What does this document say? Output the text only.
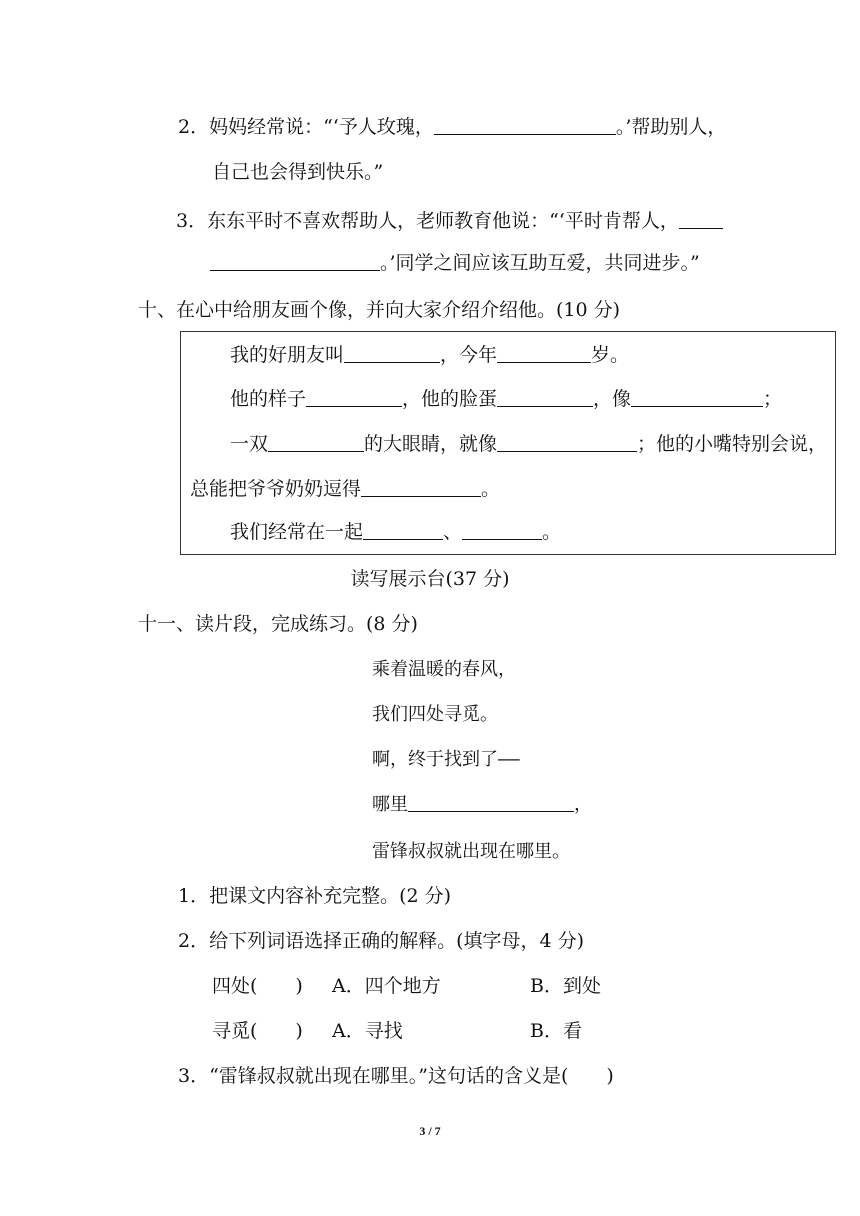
2．妈妈经常说：“‘予人玫瑰，	。’帮助别人，
自己也会得到快乐。”
3．东东平时不喜欢帮助人，老师教育他说：“‘平时肯帮人，
。’同学之间应该互助互爱，共同进步。”
十、在心中给朋友画个像，并向大家介绍介绍他。(10 分)
我的好朋友叫	，今年	岁。
他的样子	，他的脸蛋	，像	；
一双	的大眼睛，就像	；他的小嘴特别会说，
总能把爷爷奶奶逗得	。
我们经常在一起	、	。
读写展示台(37 分)
十一、读片段，完成练习。(8 分)
乘着温暖的春风，
我们四处寻觅。
啊，终于找到了——
哪里	，
雷锋叔叔就出现在哪里。
1．把课文内容补充完整。(2 分)
2．给下列词语选择正确的解释。(填字母，4 分)
四处(　　) A．四个地方	B．到处
寻觅(　　) A．寻找	B．看
3．“雷锋叔叔就出现在哪里。”这句话的含义是(　　)
3 / 7
